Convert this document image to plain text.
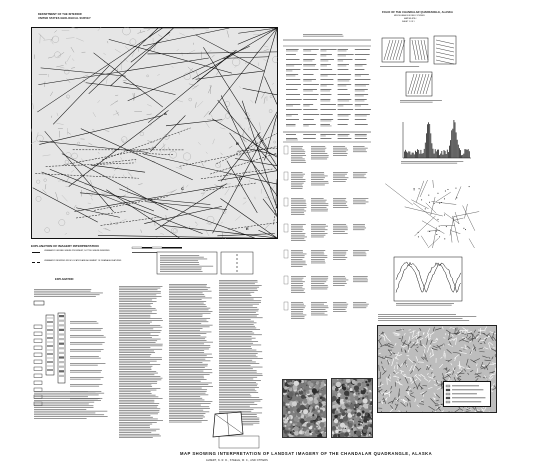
DEPARTMENT OF THE INTERIOR
UNITED STATES GEOLOGICAL SURVEY
FOLIO OF THE CHANDALAR QUADRANGLE, ALASKA
MISCELLANEOUS FIELD STUDIES
MAP MF-878-I
SHEET 1 OF 1
A
B
C
D
E
EXPLANATION OF IMAGERY INTERPRETATION
LINEAMENT: DEFINED WHERE PROMINENT, DOTTED WHERE INFERRED
LINEAMENT: INFERRED FROM LOCATION AND ALIGNMENT OF DRAINAGE FEATURES
EXPLANATION
MAP SHOWING INTERPRETATION OF LANDSAT IMAGERY OF THE CHANDALAR QUADRANGLE, ALASKA
ALBERT, N. R. D., STEELE, W. C., AND OTHERS
